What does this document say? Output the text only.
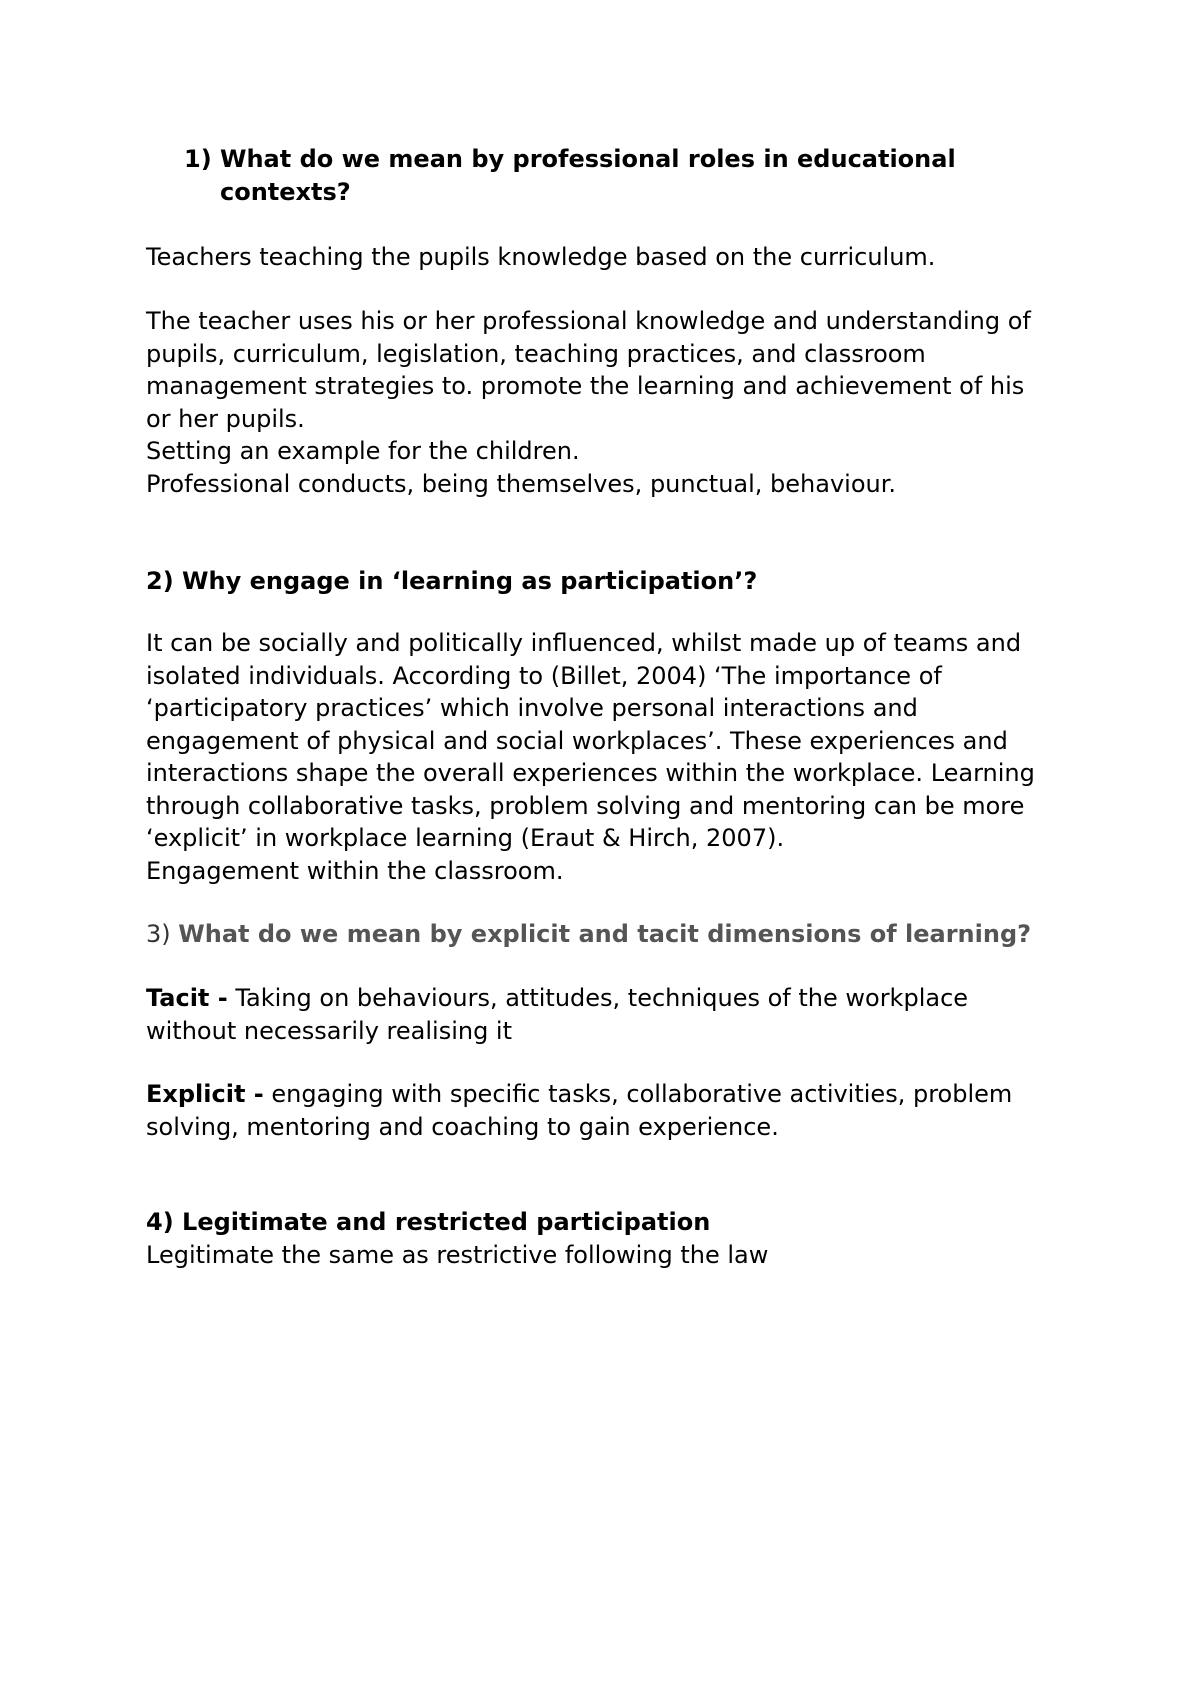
1) What do we mean by professional roles in educational
contexts?

Teachers teaching the pupils knowledge based on the curriculum.

The teacher uses his or her professional knowledge and understanding of
pupils, curriculum, legislation, teaching practices, and classroom
management strategies to. promote the learning and achievement of his
or her pupils.
Setting an example for the children.
Professional conducts, being themselves, punctual, behaviour.
2) Why engage in ‘learning as participation’?
It can be socially and politically influenced, whilst made up of teams and
isolated individuals. According to (Billet, 2004) ‘The importance of
‘participatory practices’ which involve personal interactions and
engagement of physical and social workplaces’. These experiences and
interactions shape the overall experiences within the workplace. Learning
through collaborative tasks, problem solving and mentoring can be more
‘explicit’ in workplace learning (Eraut & Hirch, 2007).
Engagement within the classroom.
3) What do we mean by explicit and tacit dimensions of learning?
Tacit - Taking on behaviours, attitudes, techniques of the workplace
without necessarily realising it
Explicit - engaging with specific tasks, collaborative activities, problem
solving, mentoring and coaching to gain experience.
4) Legitimate and restricted participation
Legitimate the same as restrictive following the law
